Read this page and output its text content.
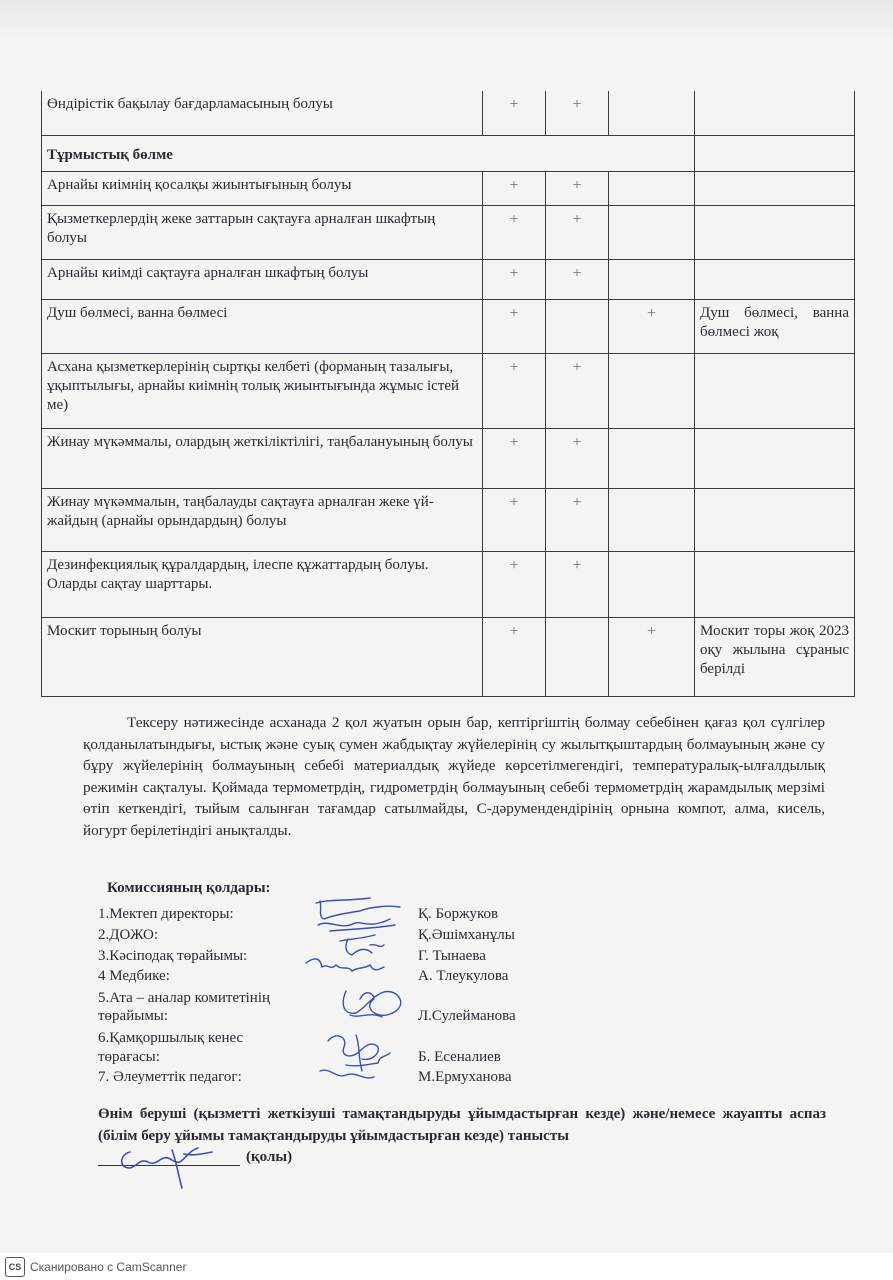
Өндірістік бақылау бағдарламасының болуы	+	+		
Тұрмыстық бөлме				
Арнайы киімнің қосалқы жиынтығының болуы	+	+		
Қызметкерлердің жеке заттарын сақтауға арналған шкафтың болуы	+	+		
Арнайы киімді сақтауға арналған шкафтың болуы	+	+		
Душ бөлмесі, ванна бөлмесі	+		+	Душ бөлмесі, ванна бөлмесі жоқ
Асхана қызметкерлерінің сыртқы келбеті (форманың тазалығы, ұқыптылығы, арнайы киімнің толық жиынтығында жұмыс істей ме)	+	+		
Жинау мүкәммалы, олардың жеткіліктілігі, таңбалануының болуы	+	+		
Жинау мүкәммалын, таңбалауды сақтауға арналған жеке үй-жайдың (арнайы орындардың) болуы	+	+		
Дезинфекциялық құралдардың, ілеспе құжаттардың болуы. Оларды сақтау шарттары.	+	+		
Москит торының болуы	+		+	Москит торы жоқ 2023 оқу жылына сұраныс берілді

Тексеру нәтижесінде асханада 2 қол жуатын орын бар, кептіргіштің болмау себебінен қағаз қол сүлгілер қолданылатындығы, ыстық және суық сумен жабдықтау жүйелерінің су жылытқыштардың болмауының және су бұру жүйелерінің болмауының себебі материалдық жүйеде көрсетілмегендігі, температуралық-ылғалдылық режимін сақталуы. Қоймада термометрдің, гидрометрдің болмауының себебі термометрдің жарамдылық мерзімі өтіп кеткендігі, тыйым салынған тағамдар сатылмайды, С-дәрумендендірінің орнына компот, алма, кисель, йогурт берілетіндігі анықталды.

Комиссияның қолдары:
1.Мектеп директоры:	Қ. Боржуков
2.ДОЖО:	Қ.Әшімханұлы
3.Кәсіподақ төрайымы:	Г. Тынаева
4 Медбике:	А. Тлеукулова
5.Ата – аналар комитетінің
төрайымы:	Л.Сулейманова
6.Қамқоршылық кенес
төрағасы:	Б. Есеналиев
7. Әлеуметтік педагог:	М.Ермуханова

Өнім беруші (қызметті жеткізуші тамақтандыруды ұйымдастырған кезде) және/немесе жауапты аспаз (білім беру ұйымы тамақтандыруды ұйымдастырған кезде) танысты

(қолы)
CS Сканировано с CamScanner
